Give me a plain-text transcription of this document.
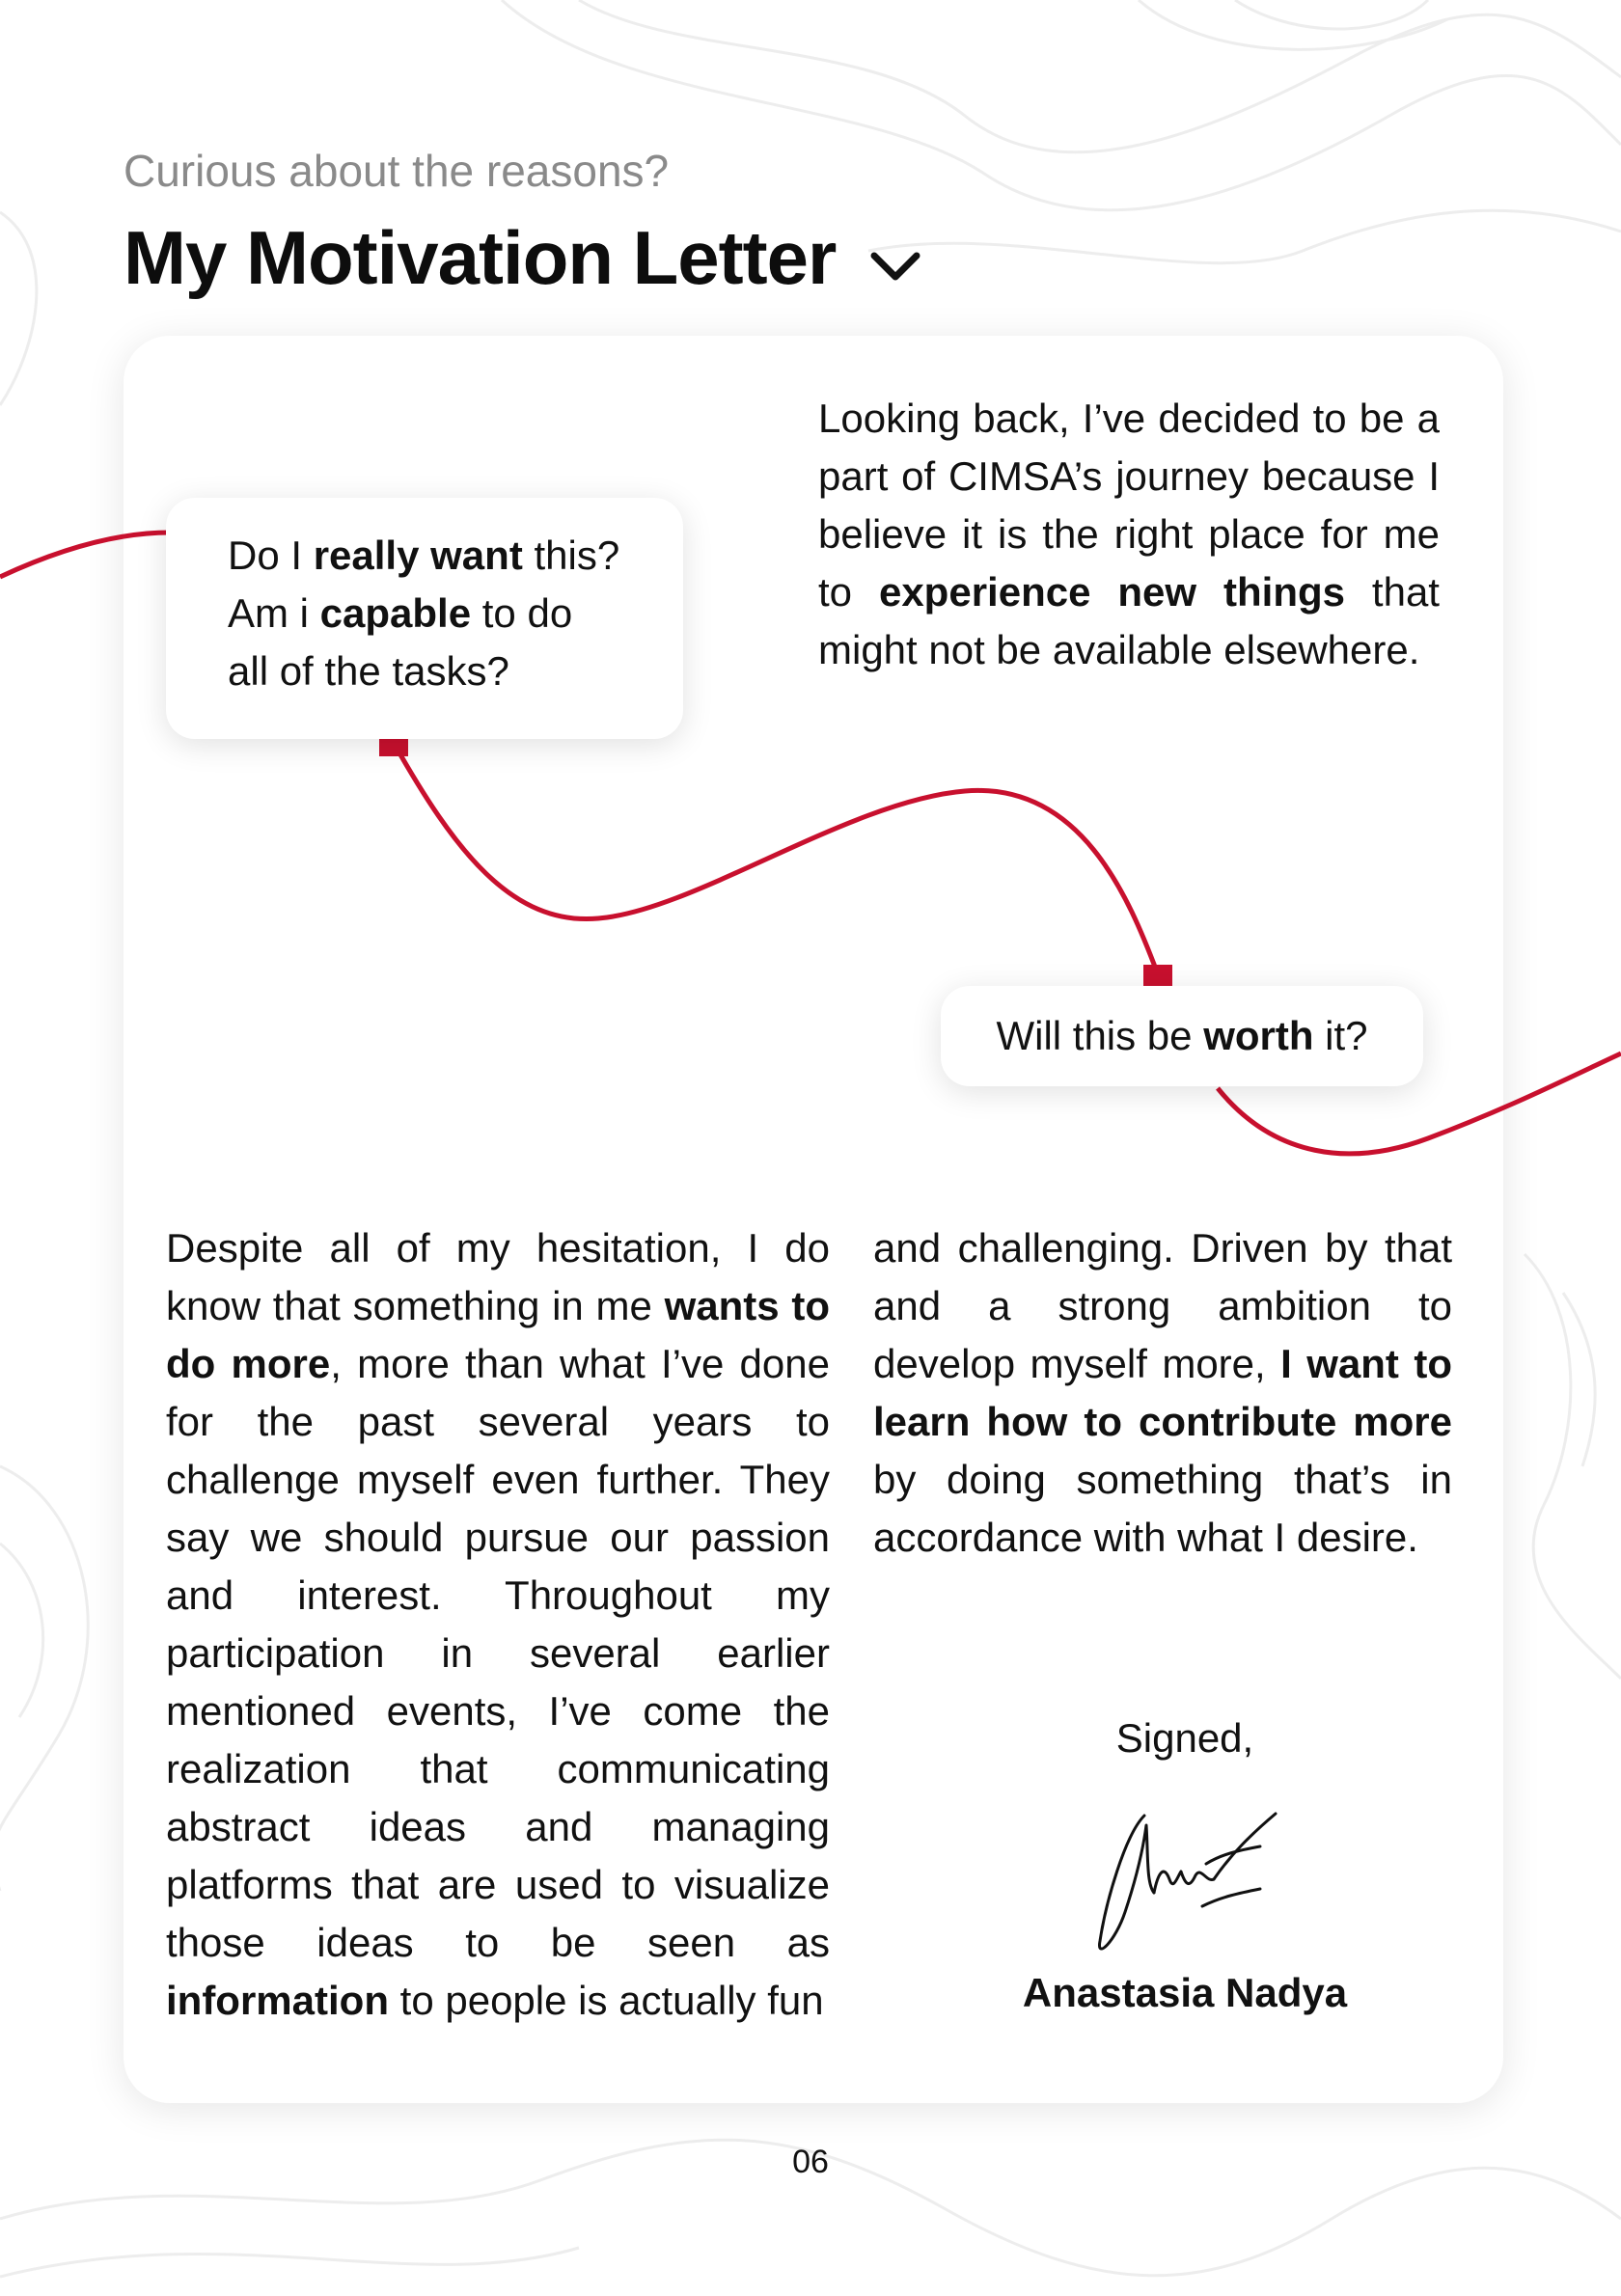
Curious about the reasons?

My Motivation Letter

Do I really want this?

Am i capable to do

all of the tasks?

Will this be worth it?

Looking back, I’ve decided to be a part of CIMSA’s journey because I believe it is the right place for me to experience new things that might not be available elsewhere.

Despite all of my hesitation, I do know that something in me wants to do more, more than what I’ve done for the past several years to challenge myself even further. They say we should pursue our passion and interest. Throughout my participation in several earlier mentioned events, I’ve come the realization that communicating abstract ideas and managing platforms that are used to visualize those ideas to be seen as information to people is actually fun

and challenging. Driven by that and a strong ambition to develop myself more, I want to learn how to contribute more by doing something that’s in accordance with what I desire.

Signed,

Anastasia Nadya

06
